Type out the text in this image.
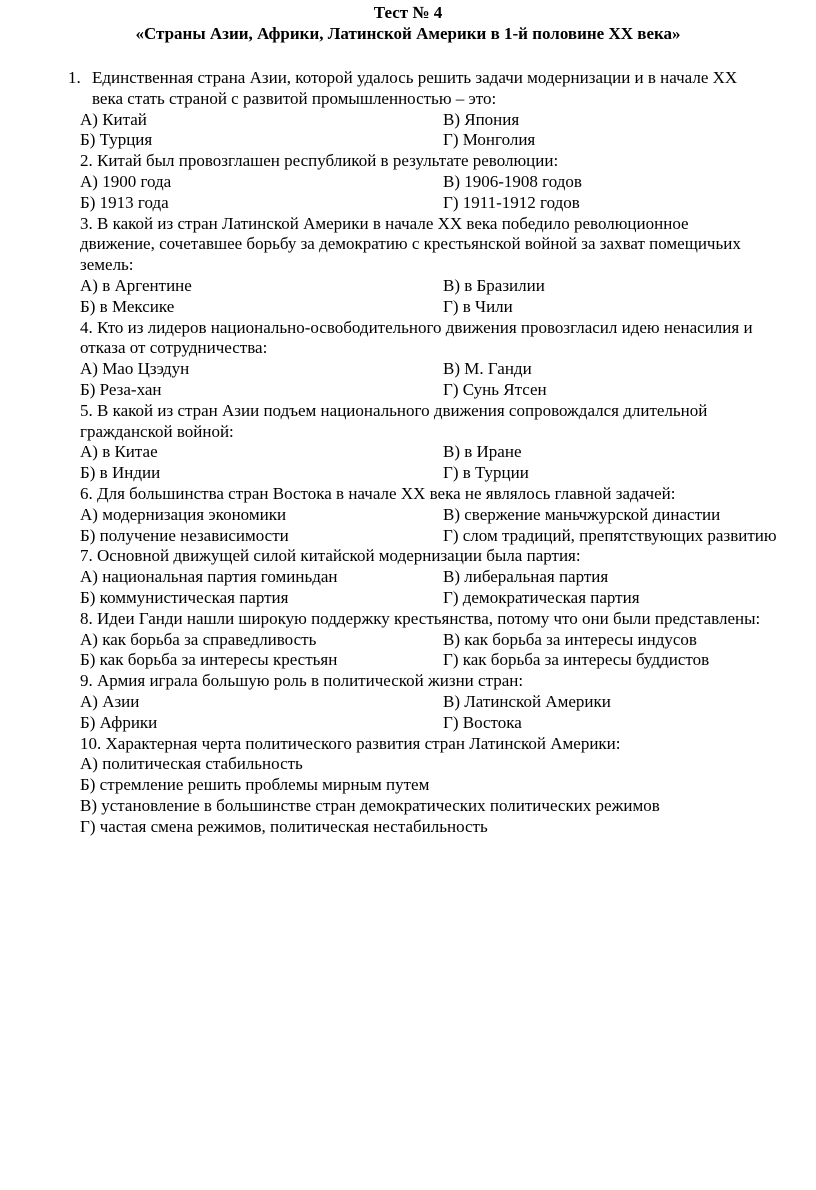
Тест № 4
«Страны Азии, Африки, Латинской Америки в 1-й половине XX века»
1. Единственная страна Азии, которой удалось решить задачи модернизации и в начале XX
века стать страной с развитой промышленностью – это:
А) Китай	В) Япония
Б) Турция	Г) Монголия
2. Китай был провозглашен республикой в результате революции:
А) 1900 года	В) 1906-1908 годов
Б) 1913 года	Г) 1911-1912 годов
3. В какой из стран Латинской Америки в начале XX века победило революционное
движение, сочетавшее борьбу за демократию с крестьянской войной за захват помещичьих
земель:
А) в Аргентине	В) в Бразилии
Б) в Мексике	Г) в Чили
4. Кто из лидеров национально-освободительного движения провозгласил идею ненасилия и
отказа от сотрудничества:
А) Мао Цзэдун	В) М. Ганди
Б) Реза-хан	Г) Сунь Ятсен
5. В какой из стран Азии подъем национального движения сопровождался длительной
гражданской войной:
А) в Китае	В) в Иране
Б) в Индии	Г) в Турции
6. Для большинства стран Востока в начале XX века не являлось главной задачей:
А) модернизация экономики	В) свержение маньчжурской династии
Б) получение независимости	Г) слом традиций, препятствующих развитию
7. Основной движущей силой китайской модернизации была партия:
А) национальная партия гоминьдан	В) либеральная партия
Б) коммунистическая партия	Г) демократическая партия
8. Идеи Ганди нашли широкую поддержку крестьянства, потому что они были представлены:
А) как борьба за справедливость	В) как борьба за интересы индусов
Б) как борьба за интересы крестьян	Г) как борьба за интересы буддистов
9. Армия играла большую роль в политической жизни стран:
А) Азии	В) Латинской Америки
Б) Африки	Г) Востока
10. Характерная черта политического развития стран Латинской Америки:
А) политическая стабильность
Б) стремление решить проблемы мирным путем
В) установление в большинстве стран демократических политических режимов
Г) частая смена режимов, политическая нестабильность
